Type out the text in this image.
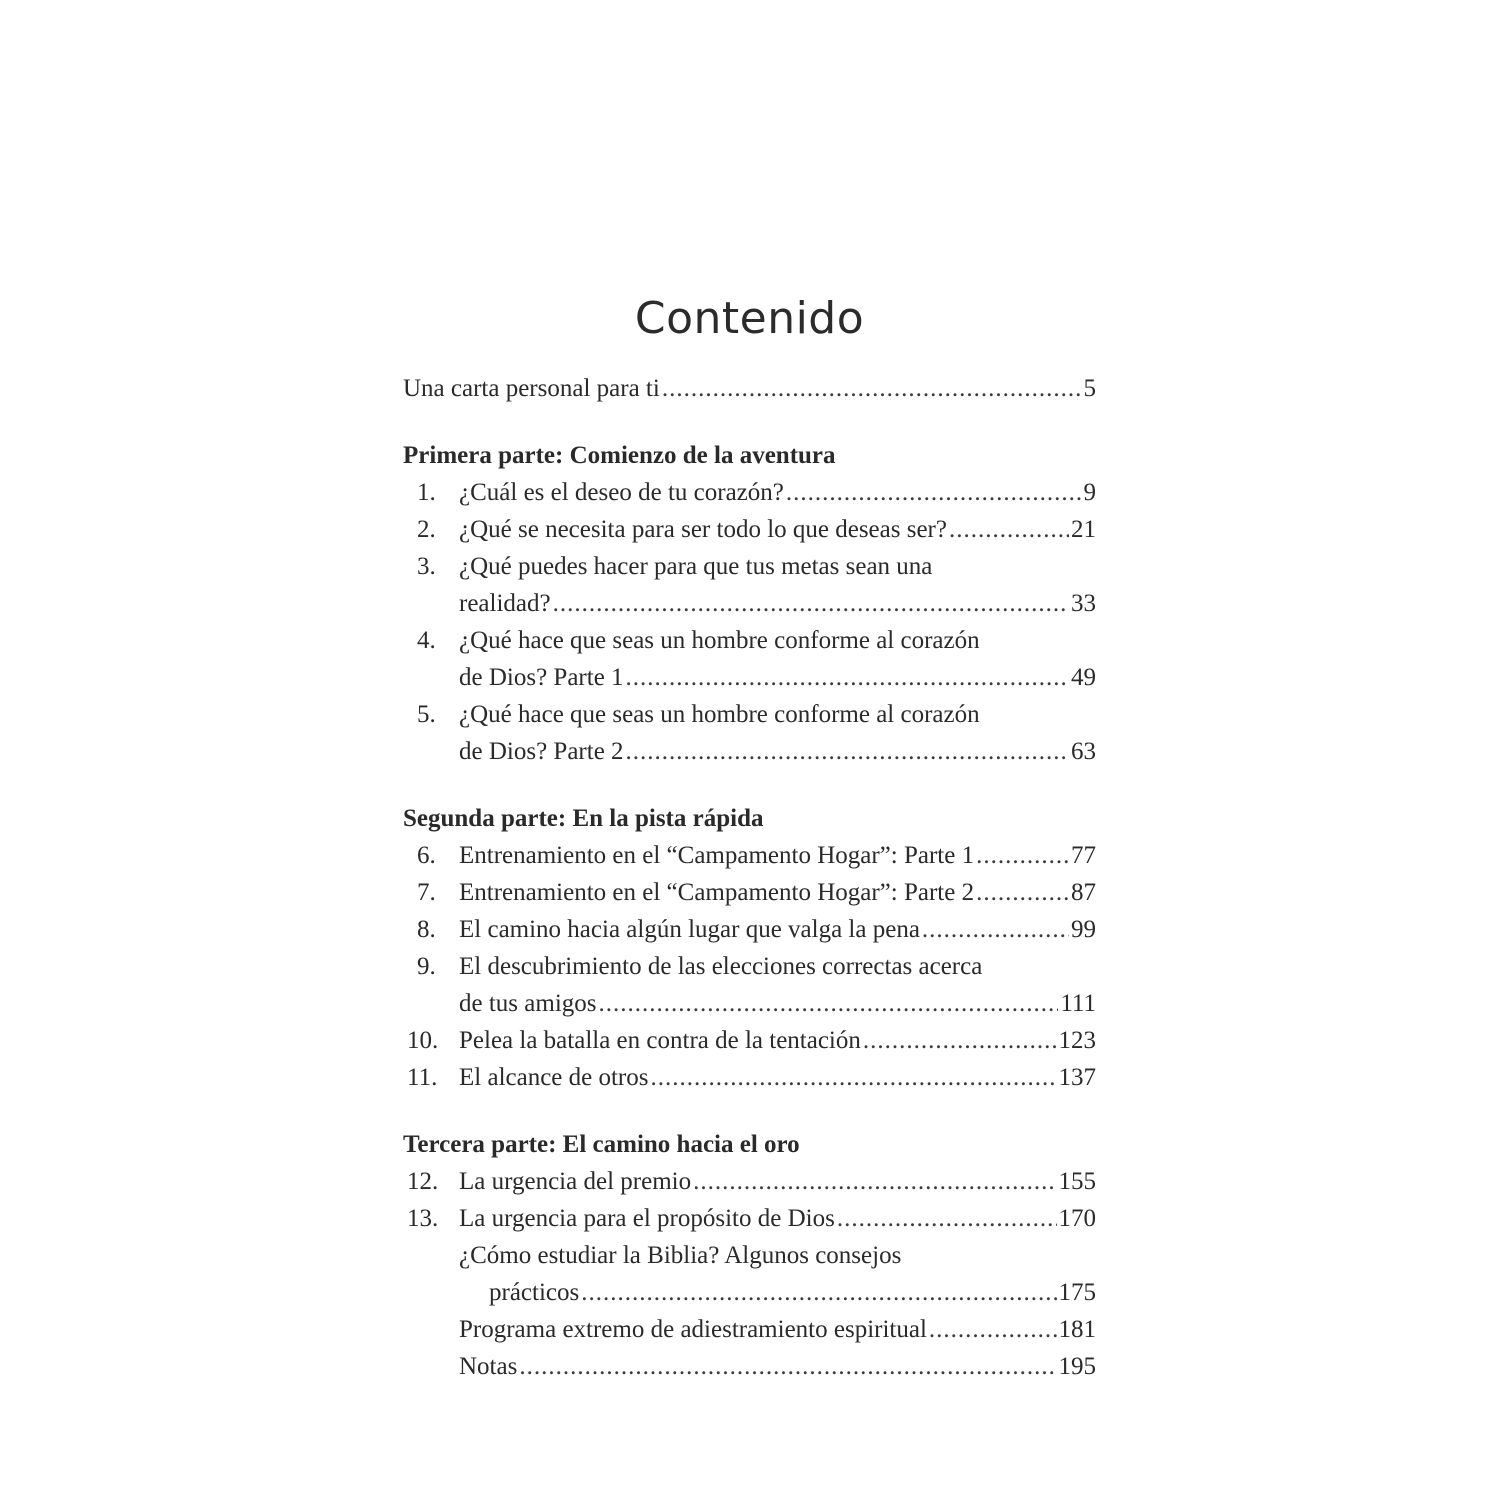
Contenido
Una carta personal para ti .....	5
Primera parte: Comienzo de la aventura
1. ¿Cuál es el deseo de tu corazón? .....	9
2. ¿Qué se necesita para ser todo lo que deseas ser? .....	21
3. ¿Qué puedes hacer para que tus metas sean una
realidad? .....	33
4. ¿Qué hace que seas un hombre conforme al corazón
de Dios? Parte 1 .....	49
5. ¿Qué hace que seas un hombre conforme al corazón
de Dios? Parte 2 .....	63
Segunda parte: En la pista rápida
6. Entrenamiento en el “Campamento Hogar”: Parte 1 .....	77
7. Entrenamiento en el “Campamento Hogar”: Parte 2 .....	87
8. El camino hacia algún lugar que valga la pena .....	99
9. El descubrimiento de las elecciones correctas acerca
de tus amigos .....	111
10. Pelea la batalla en contra de la tentación .....	123
11. El alcance de otros .....	137
Tercera parte: El camino hacia el oro
12. La urgencia del premio .....	155
13. La urgencia para el propósito de Dios .....	170
¿Cómo estudiar la Biblia? Algunos consejos
prácticos .....	175
Programa extremo de adiestramiento espiritual .....	181
Notas .....	195
